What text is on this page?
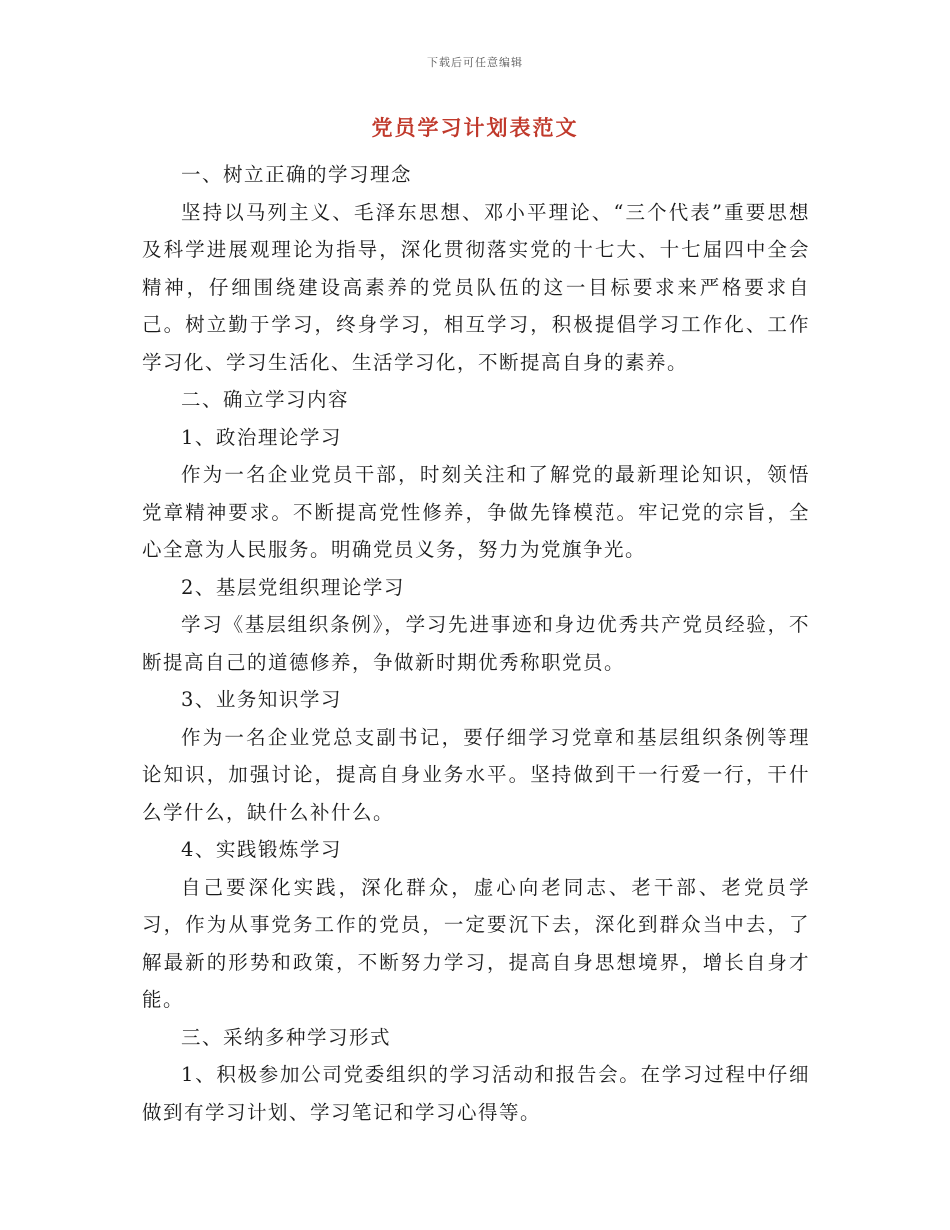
下载后可任意编辑
党员学习计划表范文

一、树立正确的学习理念

坚持以马列主义、毛泽东思想、邓小平理论、“三个代表”重要思想及科学进展观理论为指导，深化贯彻落实党的十七大、十七届四中全会精神，仔细围绕建设高素养的党员队伍的这一目标要求来严格要求自己。树立勤于学习，终身学习，相互学习，积极提倡学习工作化、工作学习化、学习生活化、生活学习化，不断提高自身的素养。

二、确立学习内容

1、政治理论学习

作为一名企业党员干部，时刻关注和了解党的最新理论知识，领悟党章精神要求。不断提高党性修养，争做先锋模范。牢记党的宗旨，全心全意为人民服务。明确党员义务，努力为党旗争光。

2、基层党组织理论学习

学习《基层组织条例》，学习先进事迹和身边优秀共产党员经验，不断提高自己的道德修养，争做新时期优秀称职党员。

3、业务知识学习

作为一名企业党总支副书记，要仔细学习党章和基层组织条例等理论知识，加强讨论，提高自身业务水平。坚持做到干一行爱一行，干什么学什么，缺什么补什么。

4、实践锻炼学习

自己要深化实践，深化群众，虚心向老同志、老干部、老党员学习，作为从事党务工作的党员，一定要沉下去，深化到群众当中去，了解最新的形势和政策，不断努力学习，提高自身思想境界，增长自身才能。

三、采纳多种学习形式

1、积极参加公司党委组织的学习活动和报告会。在学习过程中仔细做到有学习计划、学习笔记和学习心得等。
